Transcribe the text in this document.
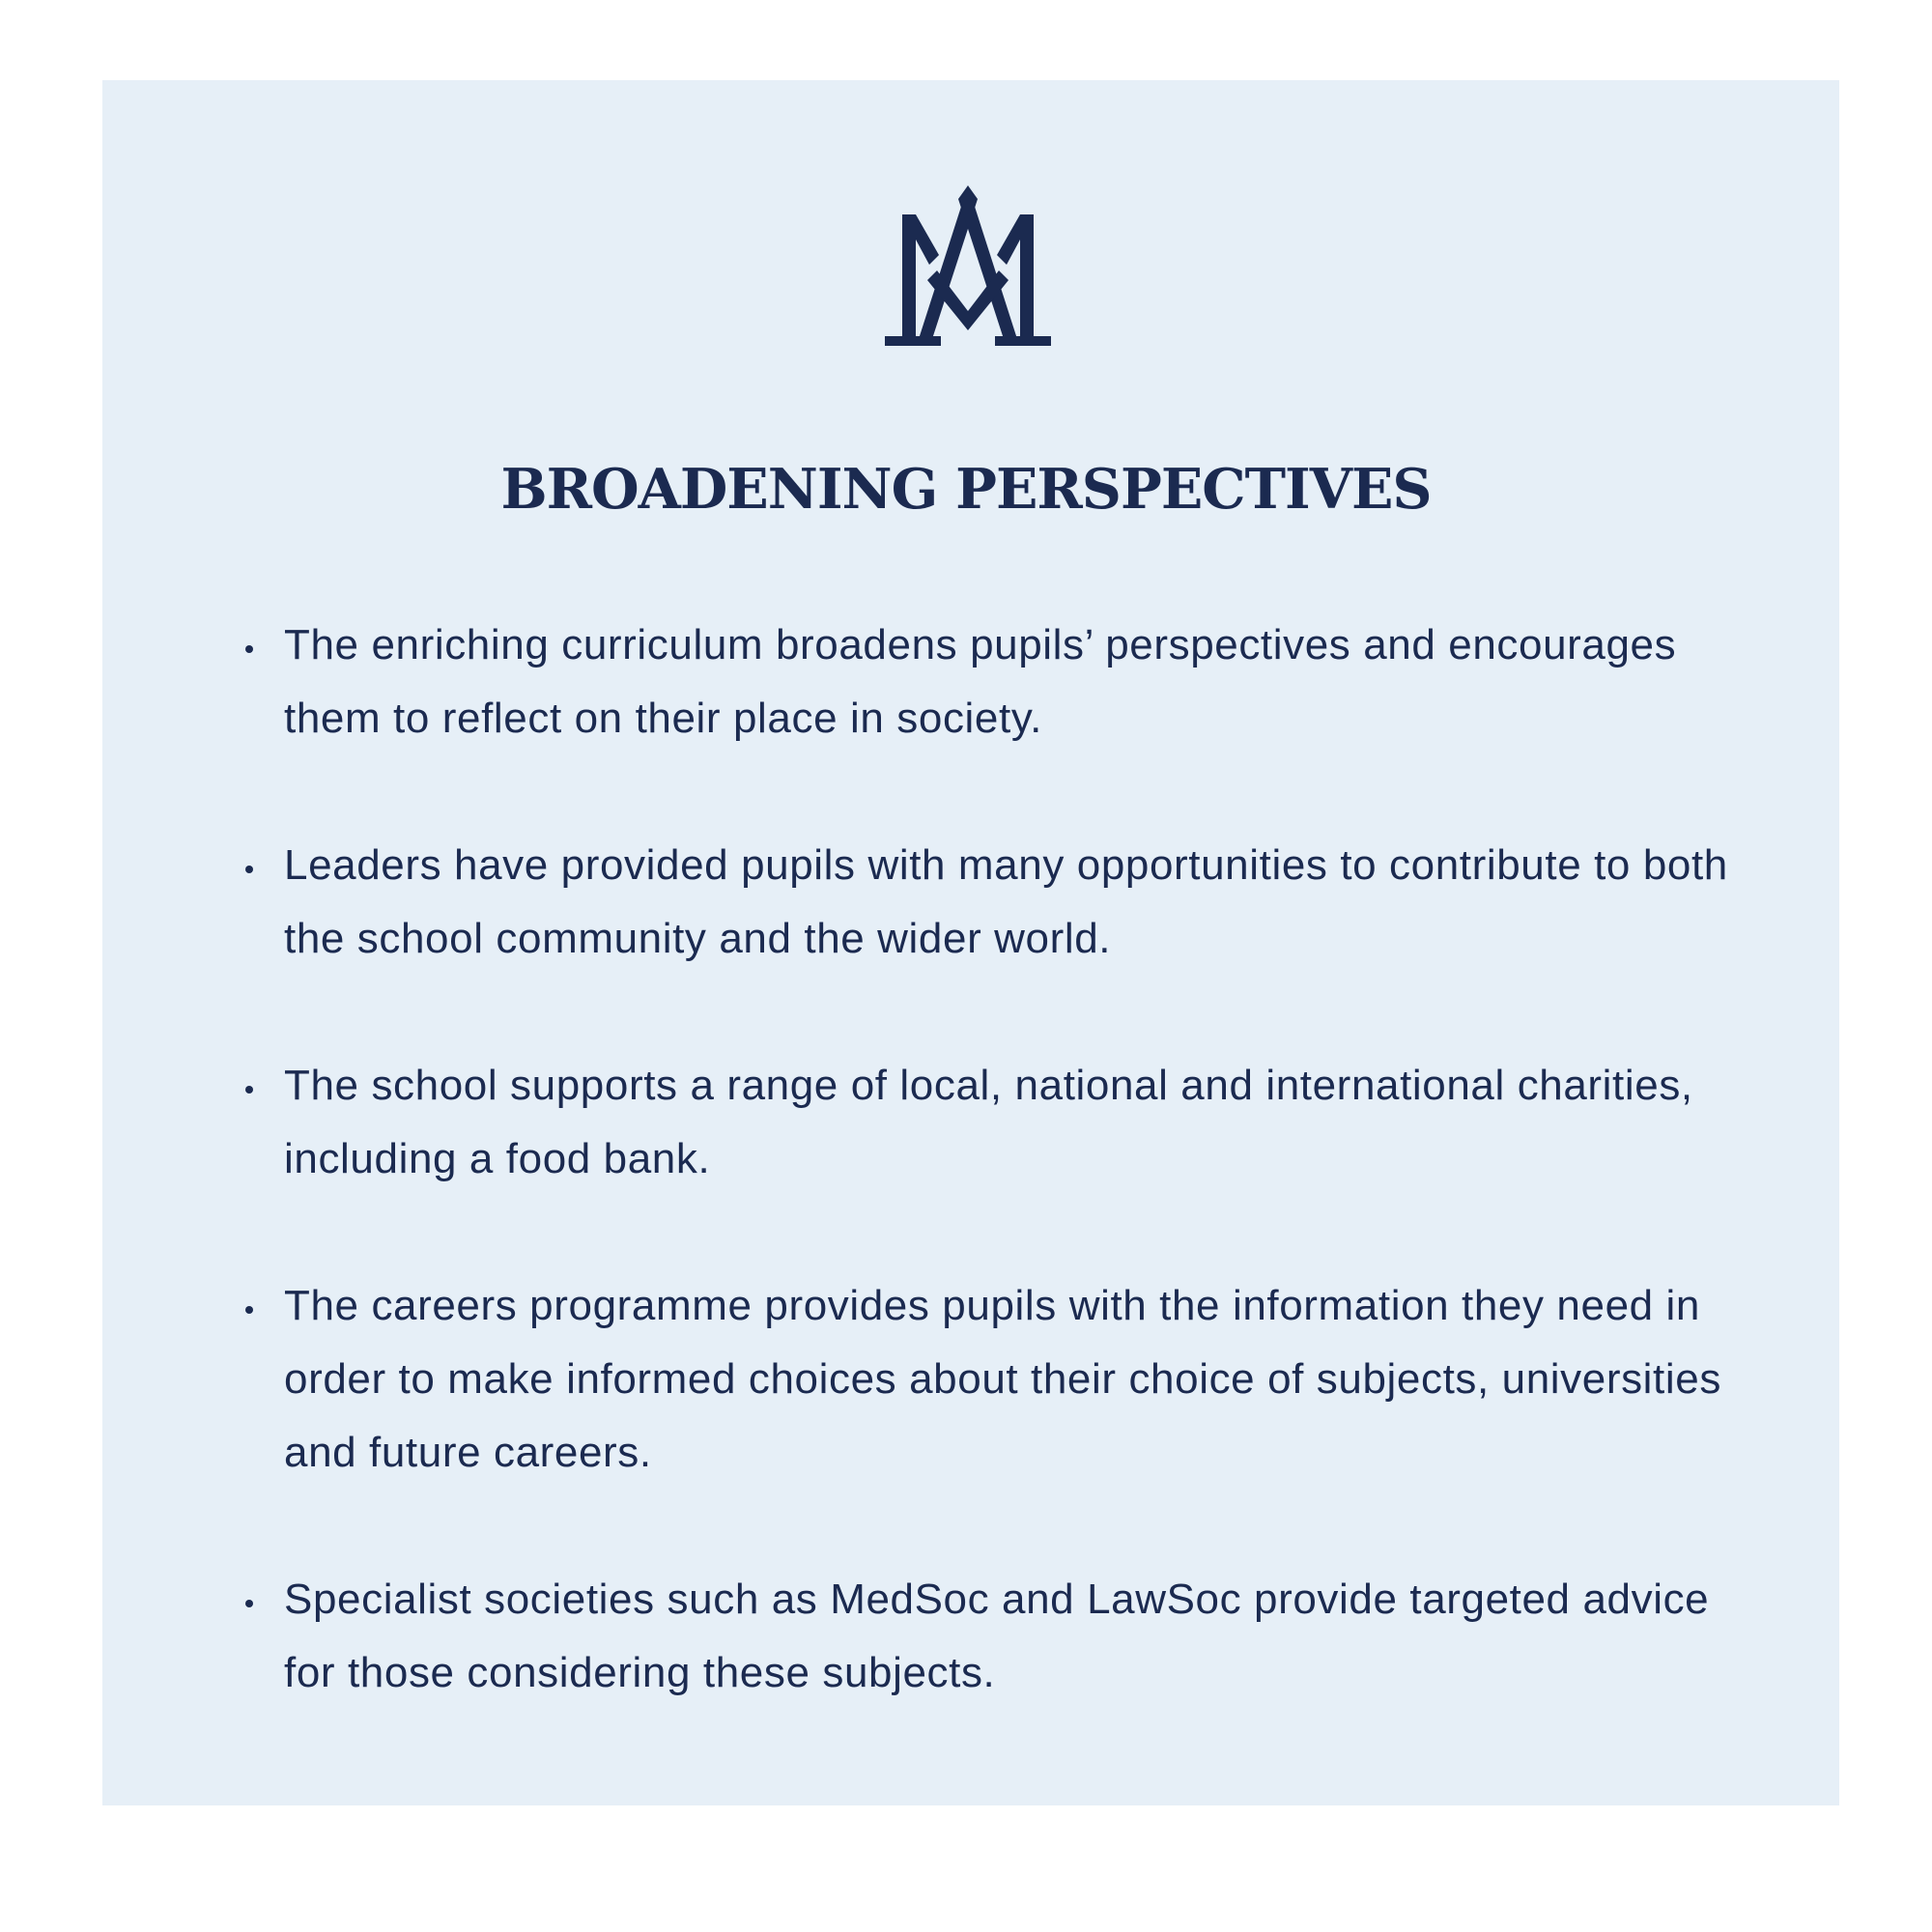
BROADENING PERSPECTIVES
The enriching curriculum broadens pupils’ perspectives and encourages them to reflect on their place in society.
Leaders have provided pupils with many opportunities to contribute to both the school community and the wider world.
The school supports a range of local, national and international charities, including a food bank.
The careers programme provides pupils with the information they need in order to make informed choices about their choice of subjects, universities and future careers.
Specialist societies such as MedSoc and LawSoc provide targeted advice for those considering these subjects.
